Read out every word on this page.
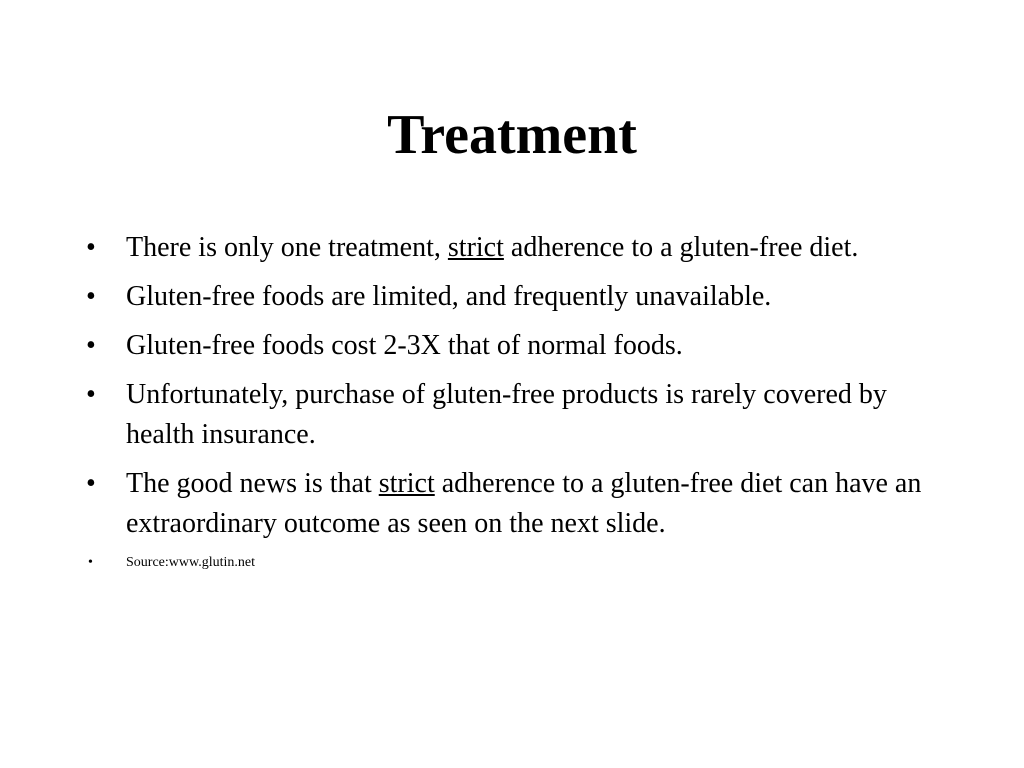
Treatment
• There is only one treatment, strict adherence to a gluten-free diet.
• Gluten-free foods are limited, and frequently unavailable.
• Gluten-free foods cost 2-3X that of normal foods.
• Unfortunately, purchase of gluten-free products is rarely covered by health insurance.
• The good news is that strict adherence to a gluten-free diet can have an extraordinary outcome as seen on the next slide.
• Source:www.glutin.net
